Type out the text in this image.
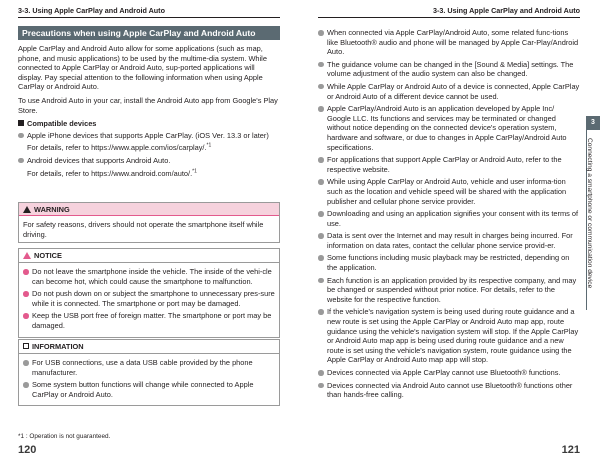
3-3. Using Apple CarPlay and Android Auto
Precautions when using Apple CarPlay and Android Auto
Apple CarPlay and Android Auto allow for some applications (such as map, phone, and music applications) to be used by the multime-dia system. While connected to Apple CarPlay or Android Auto, sup-ported applications will display. Pay special attention to the following information when using Apple CarPlay or Android Auto.
To use Android Auto in your car, install the Android Auto app from Google's Play Store.
Compatible devices
Apple iPhone devices that supports Apple CarPlay. (iOS Ver. 13.3 or later)
For details, refer to https://www.apple.com/ios/carplay/.$^{*1}$
Android devices that supports Android Auto.
For details, refer to https://www.android.com/auto/.$^{*1}$
WARNING
For safety reasons, drivers should not operate the smartphone itself while driving.
NOTICE
Do not leave the smartphone inside the vehicle. The inside of the vehi-cle can become hot, which could cause the smartphone to malfunction.
Do not push down on or subject the smartphone to unnecessary pres-sure while it is connected. The smartphone or port may be damaged.
Keep the USB port free of foreign matter. The smartphone or port may be damaged.
INFORMATION
For USB connections, use a data USB cable provided by the phone manufacturer.
Some system button functions will change while connected to Apple CarPlay or Android Auto.
*1 : Operation is not guaranteed.
120
3-3. Using Apple CarPlay and Android Auto
When connected via Apple CarPlay/Android Auto, some related func-tions like Bluetooth® audio and phone will be managed by Apple Car-Play/Android Auto.
The guidance volume can be changed in the [Sound & Media] settings. The volume adjustment of the audio system can also be changed.
While Apple CarPlay or Android Auto of a device is connected, Apple CarPlay or Android Auto of a different device cannot be used.
Apple CarPlay/Android Auto is an application developed by Apple Inc/ Google LLC. Its functions and services may be terminated or changed without notice depending on the connected device's operation system, hardware and software, or due to changes in Apple CarPlay/Android Auto specifications.
For applications that support Apple CarPlay or Android Auto, refer to the respective website.
While using Apple CarPlay or Android Auto, vehicle and user informa-tion such as the location and vehicle speed will be shared with the application publisher and cellular phone service provider.
Downloading and using an application signifies your consent with its terms of use.
Data is sent over the Internet and may result in charges being incurred. For information on data rates, contact the cellular phone service provid-er.
Some functions including music playback may be restricted, depending on the application.
Each function is an application provided by its respective company, and may be changed or suspended without prior notice. For details, refer to the website for the respective function.
If the vehicle's navigation system is being used during route guidance and a new route is set using the Apple CarPlay or Android Auto map app, route guidance using the vehicle's navigation system will stop. If the Apple CarPlay or Android Auto map app is being used during route guidance and a new route is set using the vehicle's navigation system, route guidance using the Apple CarPlay or Android Auto map app will stop.
Devices connected via Apple CarPlay cannot use Bluetooth® functions.
Devices connected via Android Auto cannot use Bluetooth® functions other than hands-free calling.
121
3
Connecting a smartphone or communication device
